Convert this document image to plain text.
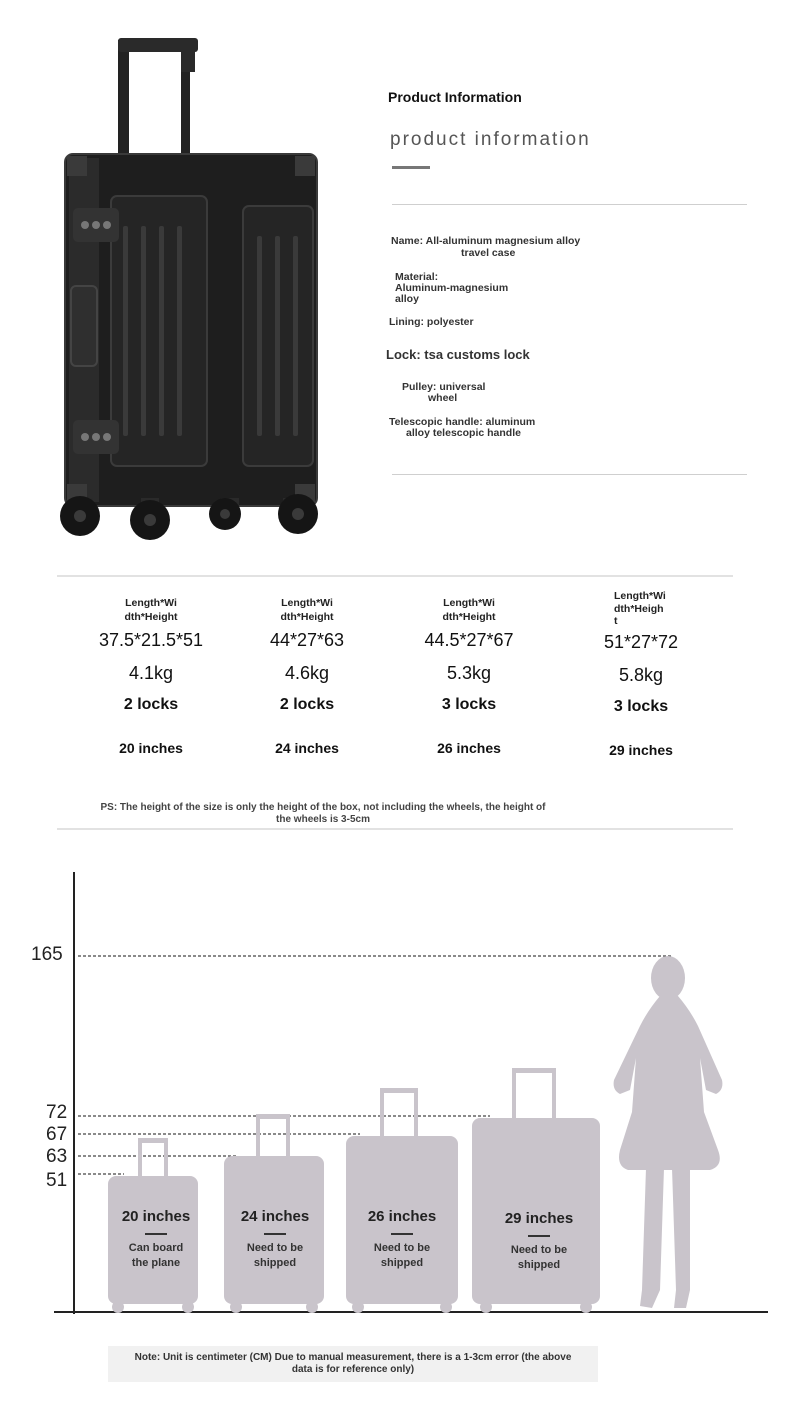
Product Information
product information
Name: All-aluminum magnesium alloy
travel case
Material:
Aluminum-magnesium
alloy
Lining: polyester
Lock: tsa customs lock
Pulley: universal
wheel
Telescopic handle: aluminum
alloy telescopic handle
Length*Wi
dth*Height
37.5*21.5*51
4.1kg
2 locks
20 inches
Length*Wi
dth*Height
44*27*63
4.6kg
2 locks
24 inches
Length*Wi
dth*Height
44.5*27*67
5.3kg
3 locks
26 inches
Length*Wi
dth*Heigh
t
51*27*72
5.8kg
3 locks
29 inches
PS: The height of the size is only the height of the box, not including the wheels, the height of
the wheels is 3-5cm
165
72
67
63
51
20 inches
Can board
the plane
24 inches
Need to be
shipped
26 inches
Need to be
shipped
29 inches
Need to be
shipped
Note: Unit is centimeter (CM) Due to manual measurement, there is a 1-3cm error (the above
data is for reference only)
